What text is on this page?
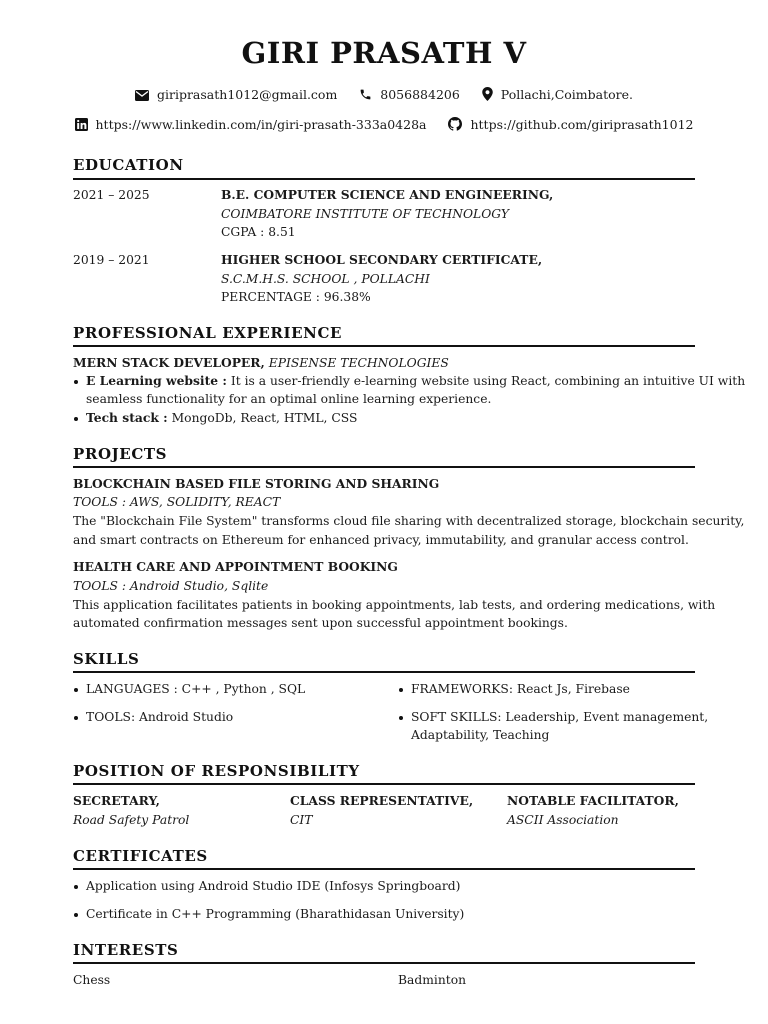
GIRI PRASATH V
giriprasath1012@gmail.com	8056884206	Pollachi,Coimbatore.
https://www.linkedin.com/in/giri-prasath-333a0428a	https://github.com/giriprasath1012
EDUCATION
2021 – 2025	B.E. COMPUTER SCIENCE AND ENGINEERING,
COIMBATORE INSTITUTE OF TECHNOLOGY
CGPA : 8.51
2019 – 2021	HIGHER SCHOOL SECONDARY CERTIFICATE,
S.C.M.H.S. SCHOOL , POLLACHI
PERCENTAGE : 96.38%
PROFESSIONAL EXPERIENCE
MERN STACK DEVELOPER, EPISENSE TECHNOLOGIES
E Learning website : It is a user-friendly e-learning website using React, combining an intuitive UI with
seamless functionality for an optimal online learning experience.
Tech stack : MongoDb, React, HTML, CSS
PROJECTS
BLOCKCHAIN BASED FILE STORING AND SHARING
TOOLS : AWS, SOLIDITY, REACT
The "Blockchain File System" transforms cloud file sharing with decentralized storage, blockchain security,
and smart contracts on Ethereum for enhanced privacy, immutability, and granular access control.
HEALTH CARE AND APPOINTMENT BOOKING
TOOLS : Android Studio, Sqlite
This application facilitates patients in booking appointments, lab tests, and ordering medications, with
automated confirmation messages sent upon successful appointment bookings.
SKILLS
LANGUAGES : C++ , Python , SQL	FRAMEWORKS: React Js, Firebase
TOOLS: Android Studio	SOFT SKILLS: Leadership, Event management,
Adaptability, Teaching
POSITION OF RESPONSIBILITY
SECRETARY,
Road Safety Patrol
CLASS REPRESENTATIVE,
CIT
NOTABLE FACILITATOR,
ASCII Association
CERTIFICATES
Application using Android Studio IDE (Infosys Springboard)
Certificate in C++ Programming (Bharathidasan University)
INTERESTS
Chess	Badminton
